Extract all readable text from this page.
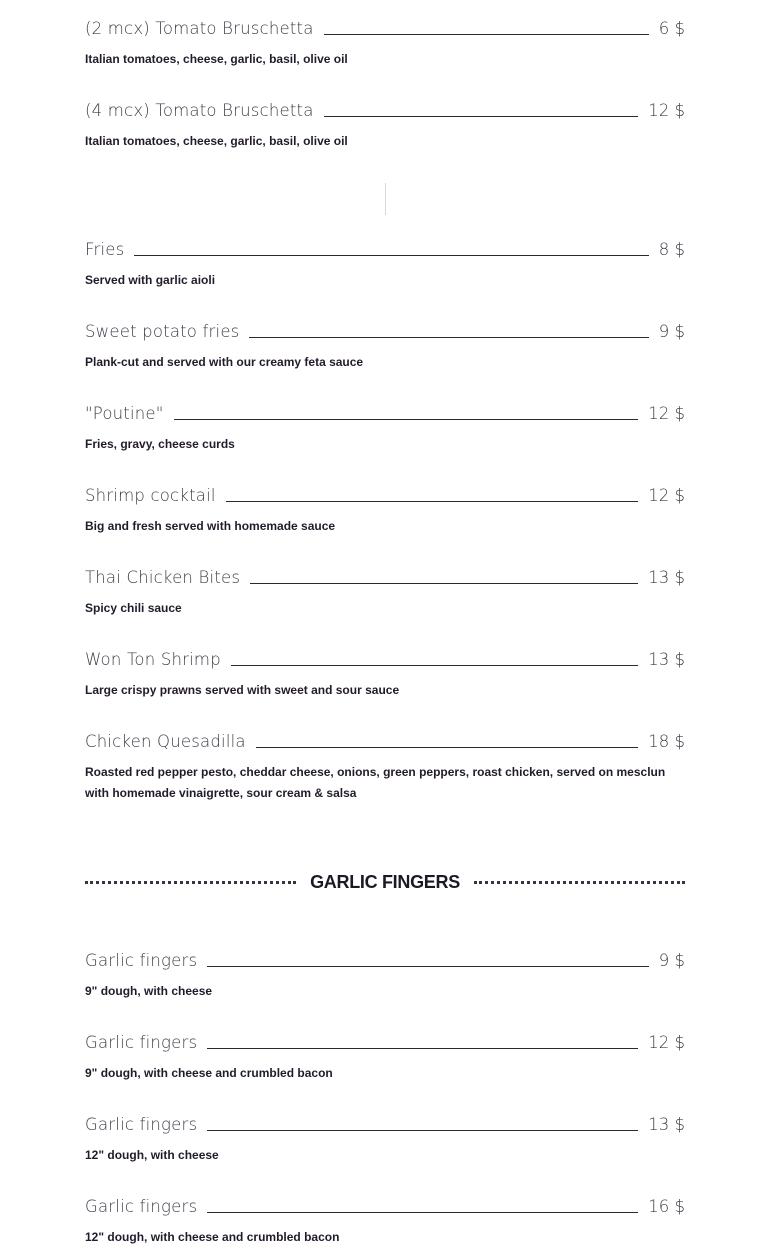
(2 mcx) Tomato Bruschetta	6 $
Italian tomatoes, cheese, garlic, basil, olive oil
(4 mcx) Tomato Bruschetta	12 $
Italian tomatoes, cheese, garlic, basil, olive oil
Fries	8 $
Served with garlic aioli
Sweet potato fries	9 $
Plank-cut and served with our creamy feta sauce
"Poutine"	12 $
Fries, gravy, cheese curds
Shrimp cocktail	12 $
Big and fresh served with homemade sauce
Thai Chicken Bites	13 $
Spicy chili sauce
Won Ton Shrimp	13 $
Large crispy prawns served with sweet and sour sauce
Chicken Quesadilla	18 $
Roasted red pepper pesto, cheddar cheese, onions, green peppers, roast chicken, served on mesclun with homemade vinaigrette, sour cream & salsa
GARLIC FINGERS
Garlic fingers	9 $
9" dough, with cheese
Garlic fingers	12 $
9" dough, with cheese and crumbled bacon
Garlic fingers	13 $
12" dough, with cheese
Garlic fingers	16 $
12" dough, with cheese and crumbled bacon
